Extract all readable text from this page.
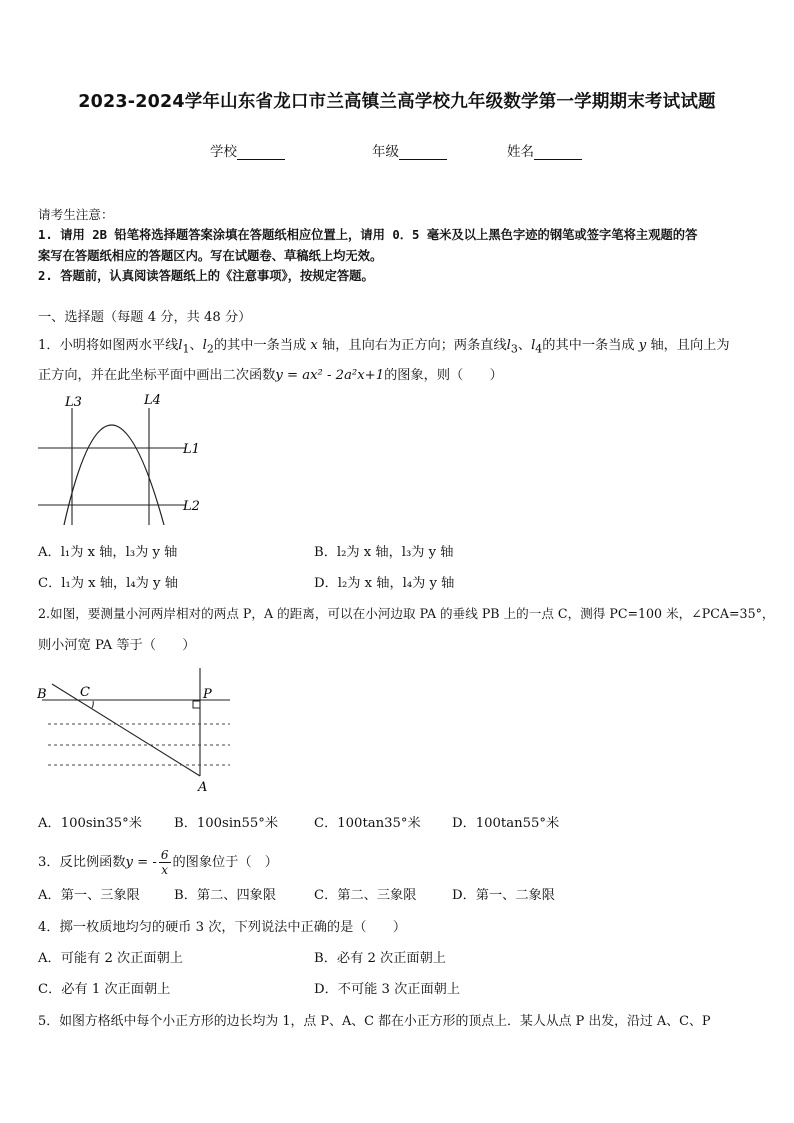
2023-2024学年山东省龙口市兰高镇兰高学校九年级数学第一学期期末考试试题
学校	年级	姓名
请考生注意：
1. 请用 2B 铅笔将选择题答案涂填在答题纸相应位置上，请用 0．5 毫米及以上黑色字迹的钢笔或签字笔将主观题的答
案写在答题纸相应的答题区内。写在试题卷、草稿纸上均无效。
2. 答题前，认真阅读答题纸上的《注意事项》，按规定答题。
一、选择题（每题 4 分，共 48 分）
1．小明将如图两水平线$l_1$、$l_2$的其中一条当成 x 轴，且向右为正方向；两条直线$l_3$、$l_4$的其中一条当成 y 轴，且向上为
正方向，并在此坐标平面中画出二次函数y = ax² - 2a²x+1的图象，则（　　）
L3	L4
L1
L2
A．l₁为 x 轴，l₃为 y 轴	B．l₂为 x 轴，l₃为 y 轴
C．l₁为 x 轴，l₄为 y 轴	D．l₂为 x 轴，l₄为 y 轴
2.如图，要测量小河两岸相对的两点 P，A 的距离，可以在小河边取 PA 的垂线 PB 上的一点 C，测得 PC=100 米，∠PCA=35°，
则小河宽 PA 等于（　　）
B	C	P
A
A．100sin35°米 B．100sin55°米	C．100tan35°米 D．100tan55°米
3．反比例函数y = - $\frac{6}{x}$ 的图象位于（　）
A．第一、三象限	B．第二、四象限	C．第二、三象限	D．第一、二象限
4．掷一枚质地均匀的硬币 3 次，下列说法中正确的是（　　）
A．可能有 2 次正面朝上	B．必有 2 次正面朝上
C．必有 1 次正面朝上	D．不可能 3 次正面朝上
5．如图方格纸中每个小正方形的边长均为 1，点 P、A、C 都在小正方形的顶点上．某人从点 P 出发，沿过 A、C、P
